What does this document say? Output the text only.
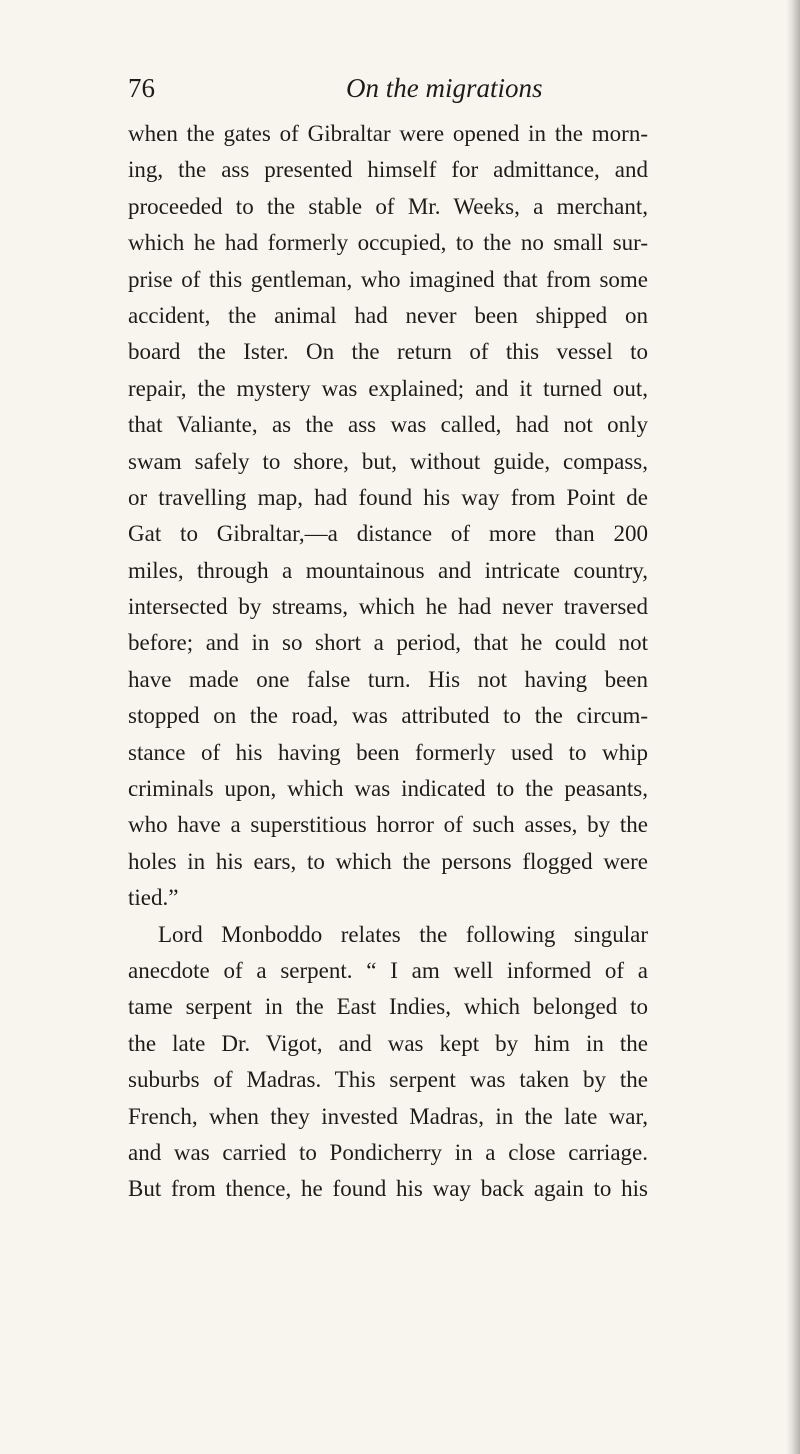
76	On the migrations
when the gates of Gibraltar were opened in the morn-
ing, the ass presented himself for admittance, and
proceeded to the stable of Mr. Weeks, a merchant,
which he had formerly occupied, to the no small sur-
prise of this gentleman, who imagined that from some
accident, the animal had never been shipped on
board the Ister. On the return of this vessel to
repair, the mystery was explained; and it turned out,
that Valiante, as the ass was called, had not only
swam safely to shore, but, without guide, compass,
or travelling map, had found his way from Point de
Gat to Gibraltar,—a distance of more than 200
miles, through a mountainous and intricate country,
intersected by streams, which he had never traversed
before; and in so short a period, that he could not
have made one false turn. His not having been
stopped on the road, was attributed to the circum-
stance of his having been formerly used to whip
criminals upon, which was indicated to the peasants,
who have a superstitious horror of such asses, by the
holes in his ears, to which the persons flogged were
tied.”
Lord Monboddo relates the following singular
anecdote of a serpent. “ I am well informed of a
tame serpent in the East Indies, which belonged to
the late Dr. Vigot, and was kept by him in the
suburbs of Madras. This serpent was taken by the
French, when they invested Madras, in the late war,
and was carried to Pondicherry in a close carriage.
But from thence, he found his way back again to his
